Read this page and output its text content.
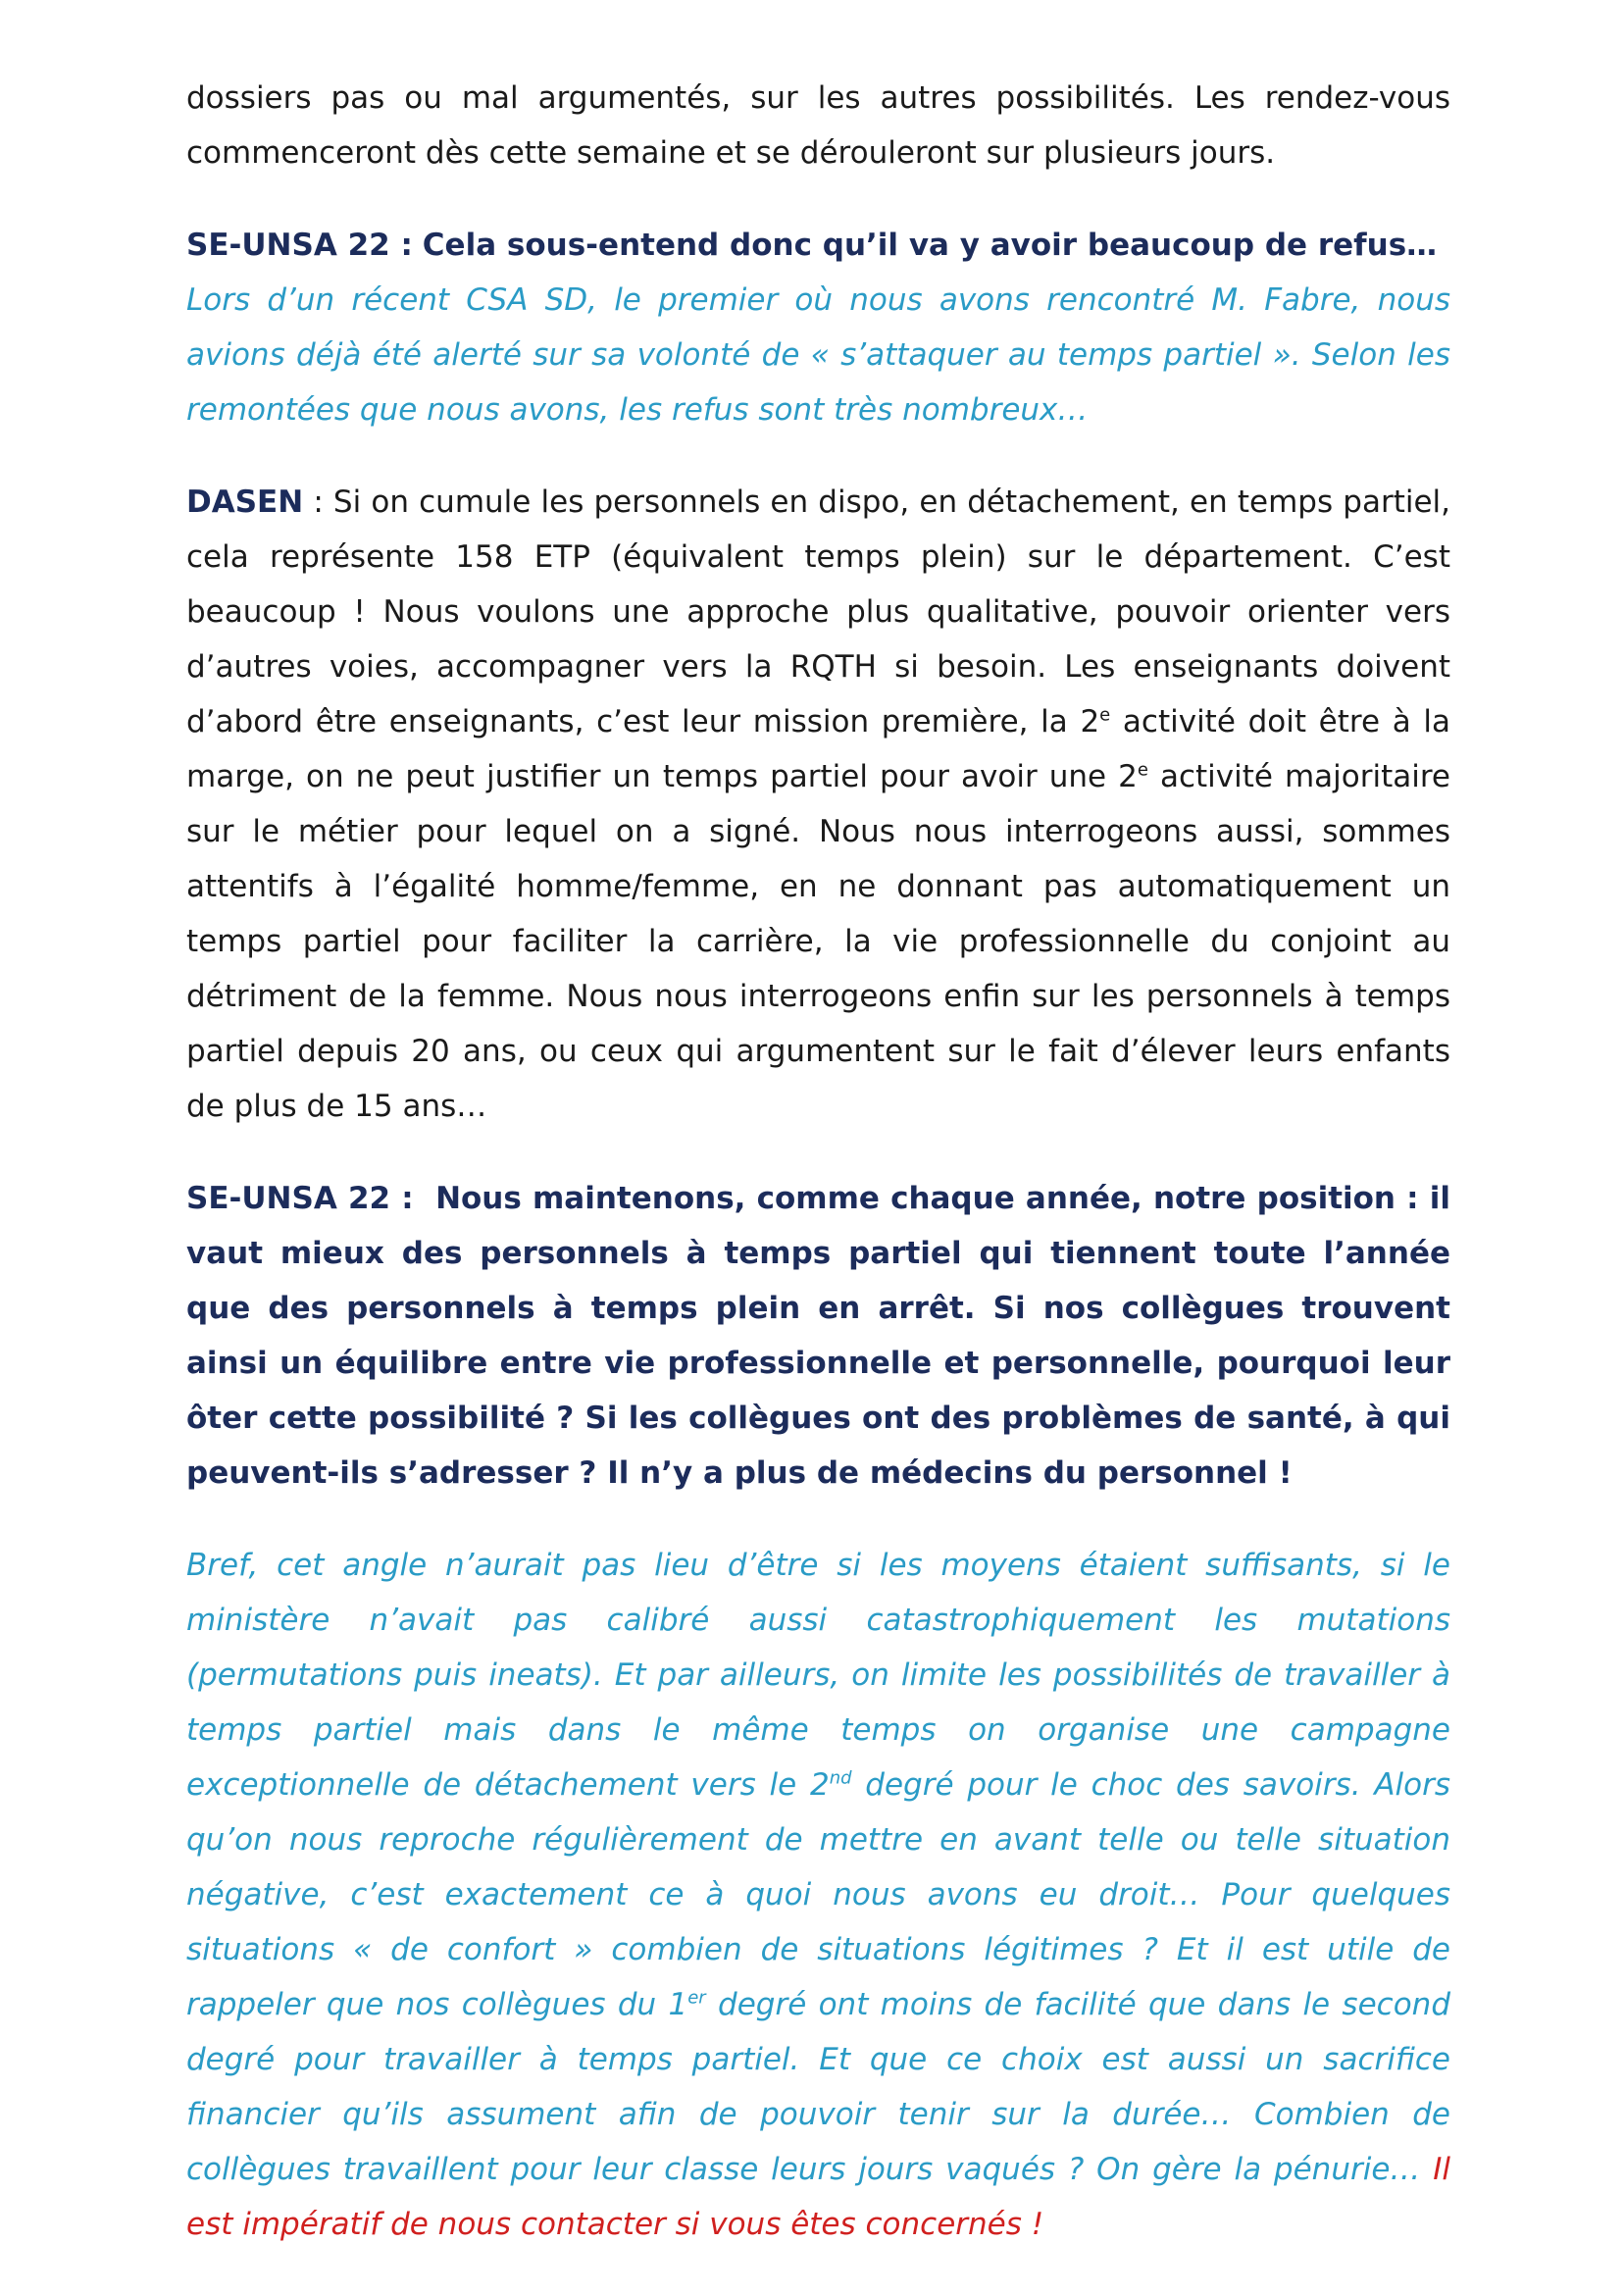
dossiers pas ou mal argumentés, sur les autres possibilités. Les rendez-vous commenceront dès cette semaine et se dérouleront sur plusieurs jours.

SE-UNSA 22 : Cela sous-entend donc qu’il va y avoir beaucoup de refus…

Lors d’un récent CSA SD, le premier où nous avons rencontré M. Fabre, nous avions déjà été alerté sur sa volonté de « s’attaquer au temps partiel ». Selon les remontées que nous avons, les refus sont très nombreux…

DASEN : Si on cumule les personnels en dispo, en détachement, en temps partiel, cela représente 158 ETP (équivalent temps plein) sur le département. C’est beaucoup ! Nous voulons une approche plus qualitative, pouvoir orienter vers d’autres voies, accompagner vers la RQTH si besoin. Les enseignants doivent d’abord être enseignants, c’est leur mission première, la 2e activité doit être à la marge, on ne peut justifier un temps partiel pour avoir une 2e activité majoritaire sur le métier pour lequel on a signé. Nous nous interrogeons aussi, sommes attentifs à l’égalité homme/femme, en ne donnant pas automatiquement un temps partiel pour faciliter la carrière, la vie professionnelle du conjoint au détriment de la femme. Nous nous interrogeons enfin sur les personnels à temps partiel depuis 20 ans, ou ceux qui argumentent sur le fait d’élever leurs enfants de plus de 15 ans…

SE-UNSA 22 : Nous maintenons, comme chaque année, notre position : il vaut mieux des personnels à temps partiel qui tiennent toute l’année que des personnels à temps plein en arrêt. Si nos collègues trouvent ainsi un équilibre entre vie professionnelle et personnelle, pourquoi leur ôter cette possibilité ? Si les collègues ont des problèmes de santé, à qui peuvent-ils s’adresser ? Il n’y a plus de médecins du personnel !

Bref, cet angle n’aurait pas lieu d’être si les moyens étaient suffisants, si le ministère n’avait pas calibré aussi catastrophiquement les mutations (permutations puis ineats). Et par ailleurs, on limite les possibilités de travailler à temps partiel mais dans le même temps on organise une campagne exceptionnelle de détachement vers le 2nd degré pour le choc des savoirs. Alors qu’on nous reproche régulièrement de mettre en avant telle ou telle situation négative, c’est exactement ce à quoi nous avons eu droit… Pour quelques situations « de confort » combien de situations légitimes ? Et il est utile de rappeler que nos collègues du 1er degré ont moins de facilité que dans le second degré pour travailler à temps partiel. Et que ce choix est aussi un sacrifice financier qu’ils assument afin de pouvoir tenir sur la durée… Combien de collègues travaillent pour leur classe leurs jours vaqués ? On gère la pénurie… Il est impératif de nous contacter si vous êtes concernés !
